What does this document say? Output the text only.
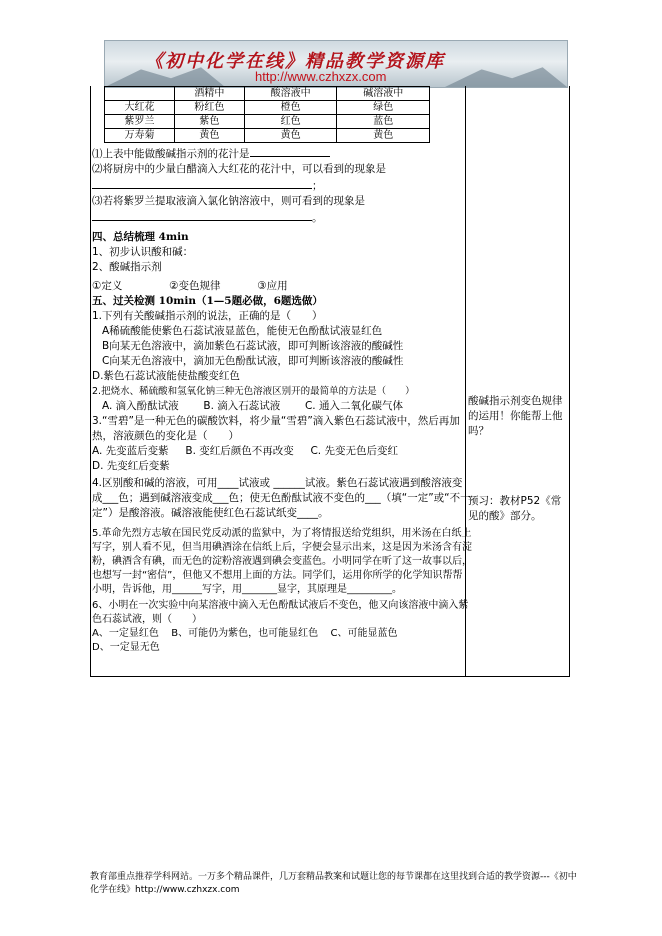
《初中化学在线》精品教学资源库
http://www.czhxzx.com
	酒精中	酸溶液中	碱溶液中
大红花	粉红色	橙色	绿色
紫罗兰	紫色	红色	蓝色
万寿菊	黄色	黄色	黄色
⑴上表中能做酸碱指示剂的花汁是
⑵将厨房中的少量白醋滴入大红花的花汁中，可以看到的现象是
；
⑶若将紫罗兰提取液滴入氯化钠溶液中，则可看到的现象是
。
四、总结梳理 4min
1、初步认识酸和碱：
2、酸碱指示剂
①定义	②变色规律	③应用
五、过关检测 10min（1—5题必做，6题选做）
1.下列有关酸碱指示剂的说法，正确的是（　　）
A稀硫酸能使紫色石蕊试液显蓝色，能使无色酚酞试液显红色
B向某无色溶液中，滴加紫色石蕊试液，即可判断该溶液的酸碱性
C向某无色溶液中，滴加无色酚酞试液，即可判断该溶液的酸碱性
D.紫色石蕊试液能使盐酸变红色
2.把烧水、稀硫酸和氢氧化钠三种无色溶液区别开的最简单的方法是（　　）
A. 滴入酚酞试液 B. 滴入石蕊试液 C. 通入二氧化碳气体
3.“雪碧”是一种无色的碳酸饮料，将少量“雪碧”滴入紫色石蕊试液中，然后再加热，溶液颜色的变化是（　　）
A. 先变蓝后变紫 B. 变红后颜色不再改变 C. 先变无色后变红
D. 先变红后变紫
4.区别酸和碱的溶液，可用____试液或 ______试液。紫色石蕊试液遇到酸溶液变成___色；遇到碱溶液变成___色；使无色酚酞试液不变色的___（填“一定”或“不一定”）是酸溶液。碱溶液能使红色石蕊试纸变____。
5.革命先烈方志敏在国民党反动派的监狱中，为了将情报送给党组织，用米汤在白纸上写字，别人看不见，但当用碘酒涂在信纸上后，字便会显示出来，这是因为米汤含有淀粉，碘酒含有碘，而无色的淀粉溶液遇到碘会变蓝色。小明同学在听了这一故事以后， 也想写一封“密信”，但他又不想用上面的方法。同学们，运用你所学的化学知识帮帮小明，告诉他，用______写字，用_______显字，其原理是_________。
6、小明在一次实验中向某溶液中滴入无色酚酞试液后不变色，他又向该溶液中滴入紫色石蕊试液，则（　　）
A、一定显红色 B、可能仍为紫色，也可能显红色 C、可能显蓝色
D、一定显无色
酸碱指示剂变色规律的运用！你能帮上他吗？
预习：教材P52《常见的酸》部分。
教育部重点推荐学科网站。一万多个精品课件，几万套精品教案和试题让您的每节课都在这里找到合适的教学资源---《初中化学在线》http://www.czhxzx.com
